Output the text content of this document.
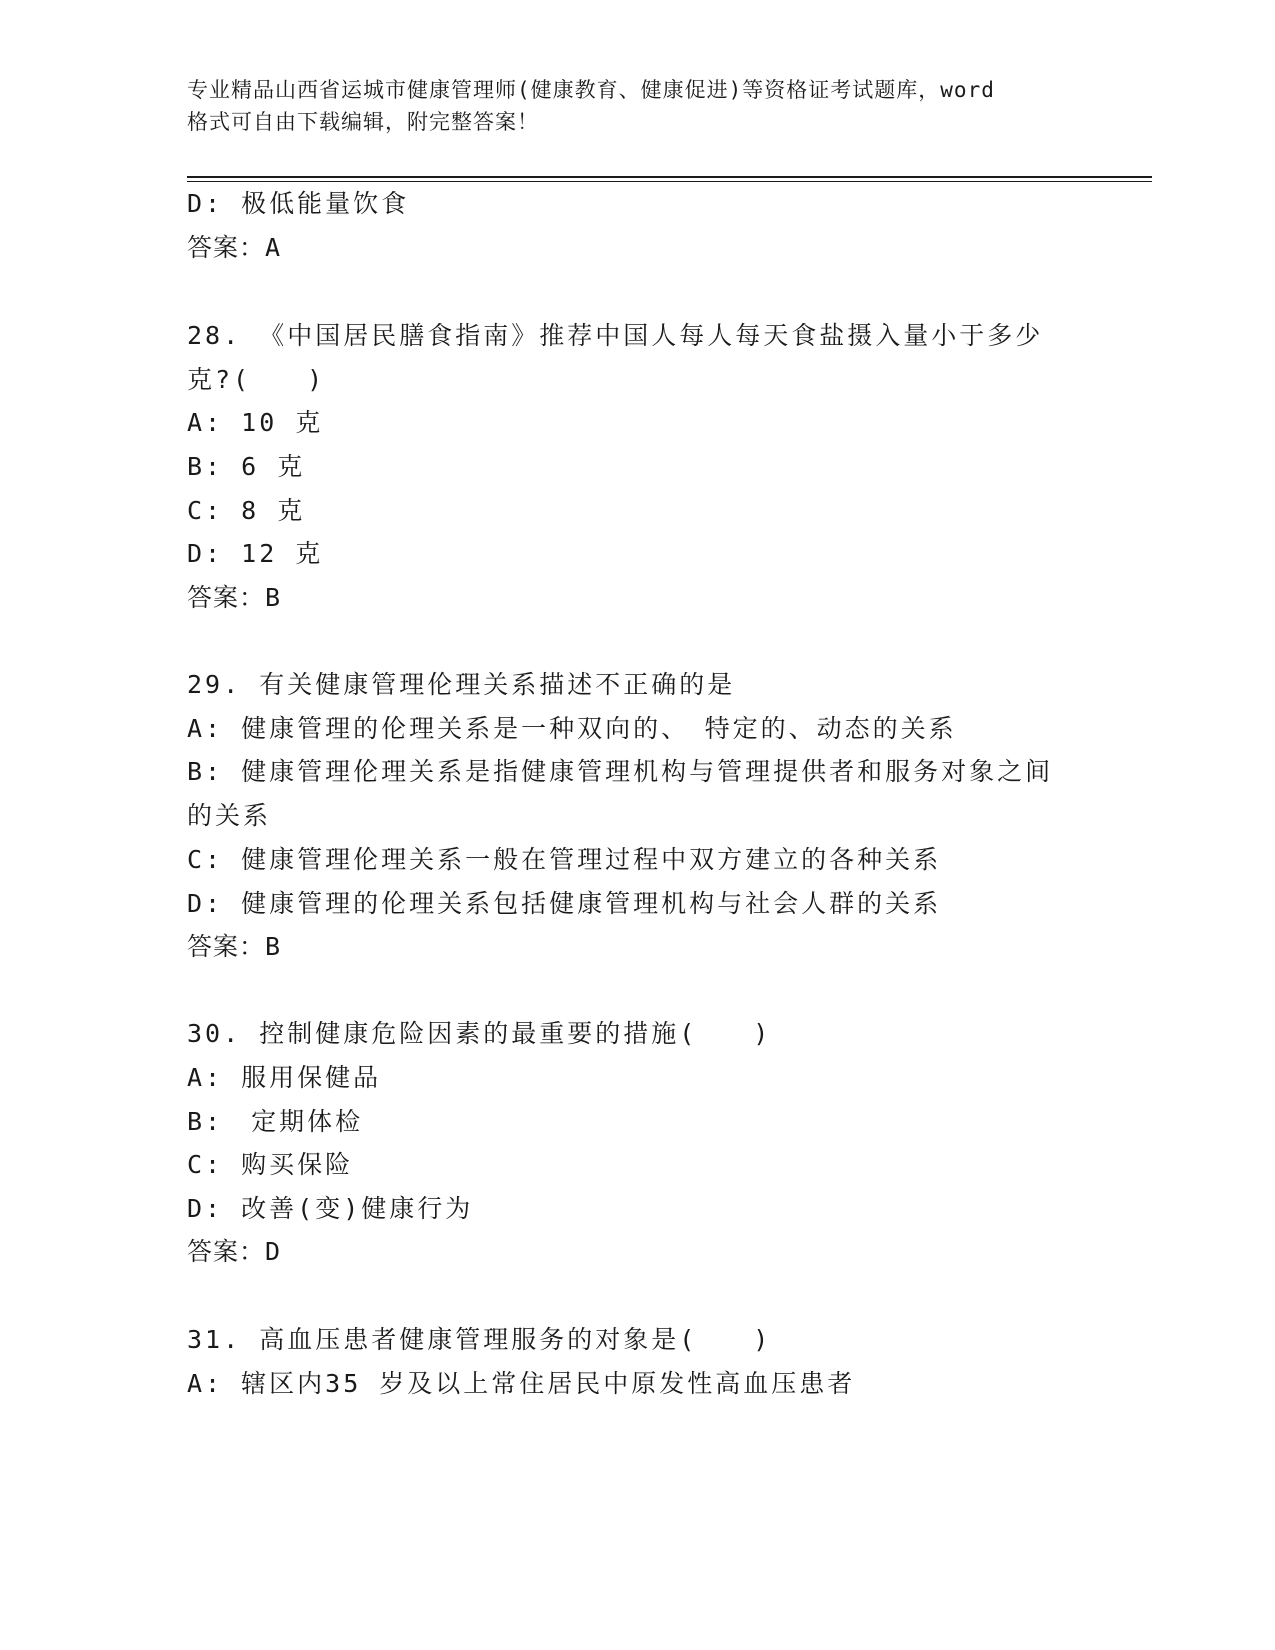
专业精品山西省运城市健康管理师(健康教育、健康促进)等资格证考试题库，word
格式可自由下载编辑，附完整答案！
D: 极低能量饮食
答案：A
28. 《中国居民膳食指南》推荐中国人每人每天食盐摄入量小于多少
克?(　　)
A: 10 克
B: 6 克
C: 8 克
D: 12 克
答案：B
29. 有关健康管理伦理关系描述不正确的是
A: 健康管理的伦理关系是一种双向的、　特定的、动态的关系
B: 健康管理伦理关系是指健康管理机构与管理提供者和服务对象之间
的关系
C: 健康管理伦理关系一般在管理过程中双方建立的各种关系
D: 健康管理的伦理关系包括健康管理机构与社会人群的关系
答案：B
30. 控制健康危险因素的最重要的措施(　　)
A: 服用保健品
B:　定期体检
C: 购买保险
D: 改善(变)健康行为
答案：D
31. 高血压患者健康管理服务的对象是(　　)
A: 辖区内35 岁及以上常住居民中原发性高血压患者
